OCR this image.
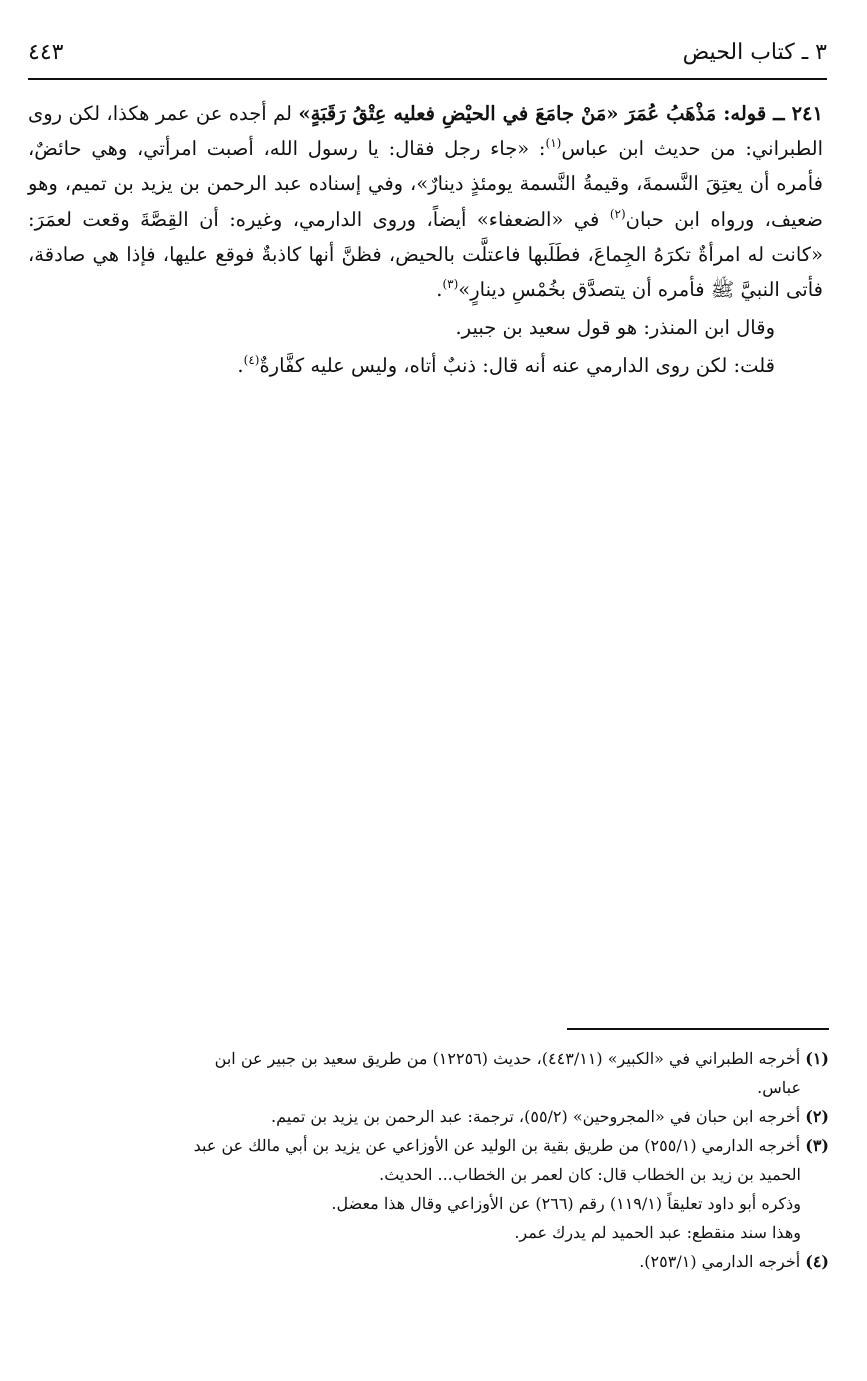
٣ ـ كتاب الحيض
٤٤٣

٢٤١ ــ قوله: مَذْهَبُ عُمَرَ «مَنْ جامَعَ في الحيْضِ فعليه عِتْقُ رَقَبَةٍ» لم أجده عن عمر هكذا، لكن روى الطبراني: من حديث ابن عباس$^{(١)}$: «جاء رجل فقال: يا رسول الله، أصبت امرأتي، وهي حائضٌ، فأمره أن يعتِقَ النَّسمةَ، وقيمةُ النَّسمة يومئذٍ دينارٌ»، وفي إسناده عبد الرحمن بن يزيد بن تميم، وهو ضعيف، ورواه ابن حبان$^{(٢)}$ في «الضعفاء» أيضاً، وروى الدارمي، وغيره: أن القِصَّةَ وقعت لعمَرَ: «كانت له امرأةٌ تكرَهُ الجِماعَ، فطَلَبها فاعتلَّت بالحيض، فظنَّ أنها كاذبةٌ فوقع عليها، فإذا هي صادقة، فأتى النبيَّ ﷺ فأمره أن يتصدَّق بخُمْسِ دينارٍ»$^{(٣)}$.

وقال ابن المنذر: هو قول سعيد بن جبير.

قلت: لكن روى الدارمي عنه أنه قال: ذنبٌ أتاه، وليس عليه كفَّارةٌ$^{(٤)}$.

(١) أخرجه الطبراني في «الكبير» (٤٤٣/١١)، حديث (١٢٢٥٦) من طريق سعيد بن جبير عن ابن
عباس.

(٢) أخرجه ابن حبان في «المجروحين» (٥٥/٢)، ترجمة: عبد الرحمن بن يزيد بن تميم.

(٣) أخرجه الدارمي (٢٥٥/١) من طريق بقية بن الوليد عن الأوزاعي عن يزيد بن أبي مالك عن عبد
الحميد بن زيد بن الخطاب قال: كان لعمر بن الخطاب... الحديث.

وذكره أبو داود تعليقاً (١١٩/١) رقم (٢٦٦) عن الأوزاعي وقال هذا معضل.

وهذا سند منقطع: عبد الحميد لم يدرك عمر.

(٤) أخرجه الدارمي (٢٥٣/١).
